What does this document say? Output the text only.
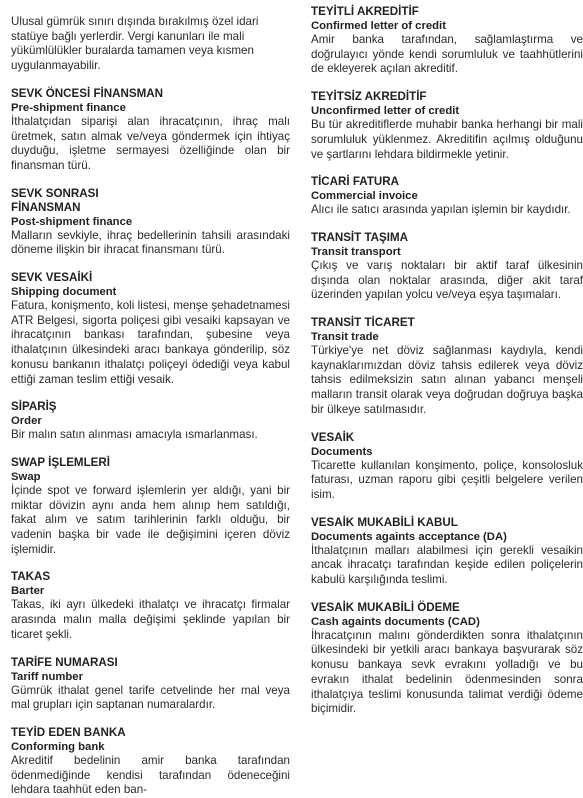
Ulusal gümrük sınırı dışında bırakılmış özel idari statüye bağlı yerlerdir. Vergi kanunları ile mali yükümlülükler buralarda tamamen veya kısmen uygulanmayabilir.
SEVK ÖNCESİ FİNANSMAN
Pre-shipment finance
İthalatçıdan siparişi alan ihracatçının, ihraç malı üretmek, satın almak ve/veya göndermek için ihtiyaç duyduğu, işletme sermayesi özelliğinde olan bir finansman türü.
SEVK SONRASI FİNANSMAN
Post-shipment finance
Malların sevkiyle, ihraç bedellerinin tahsili arasındaki döneme ilişkin bir ihracat finansmanı türü.
SEVK VESAİKİ
Shipping document
Fatura, konişmento, koli listesi, menşe şehadetnamesi ATR Belgesi, sigorta poliçesi gibi vesaiki kapsayan ve ihracatçının bankası tarafından, şubesine veya ithalatçının ülkesindeki aracı bankaya gönderilip, söz konusu bankanın ithalatçı poliçeyi ödediği veya kabul ettiği zaman teslim ettiği vesaik.
SİPARİŞ
Order
Bir malın satın alınması amacıyla ısmarlanması.
SWAP İŞLEMLERİ
Swap
İçinde spot ve forward işlemlerin yer aldığı, yani bir miktar dövizin aynı anda hem alınıp hem satıldığı, fakat alım ve satım tarihlerinin farklı olduğu, bir vadenin başka bir vade ile değişimini içeren döviz işlemidir.
TAKAS
Barter
Takas, iki ayrı ülkedeki ithalatçı ve ihracatçı firmalar arasında malın malla değişimi şeklinde yapılan bir ticaret şekli.
TARİFE NUMARASI
Tariff number
Gümrük ithalat genel tarife cetvelinde her mal veya mal grupları için saptanan numaralardır.
TEYİD EDEN BANKA
Conforming bank
Akreditif bedelinin amir banka tarafından ödenmediğinde kendisi tarafından ödeneceğini lehdara taahhüt eden ban-
TEYİTLİ AKREDİTİF
Confirmed letter of credit
Amir banka tarafından, sağlamlaştırma ve doğrulayıcı yönde kendi sorumluluk ve taahhütlerini de ekleyerek açılan akreditif.
TEYİTSİZ AKREDİTİF
Unconfirmed letter of credit
Bu tür akreditiflerde muhabir banka herhangi bir mali sorumluluk yüklenmez. Akreditifin açılmış olduğunu ve şartlarını lehdara bildirmekle yetinir.
TİCARİ FATURA
Commercial invoice
Alıcı ile satıcı arasında yapılan işlemin bir kaydıdır.
TRANSİT TAŞIMA
Transit transport
Çıkış ve varış noktaları bir aktif taraf ülkesinin dışında olan noktalar arasında, diğer akit taraf üzerinden yapılan yolcu ve/veya eşya taşımaları.
TRANSİT TİCARET
Transit trade
Türkiye'ye net döviz sağlanması kaydıyla, kendi kaynaklarımızdan döviz tahsis edilerek veya döviz tahsis edilmeksizin satın alınan yabancı menşeli malların transit olarak veya doğrudan doğruya başka bir ülkeye satılmasıdır.
VESAİK
Documents
Ticarette kullanılan konşimento, poliçe, konsolosluk faturası, uzman raporu gibi çeşitli belgelere verilen isim.
VESAİK MUKABİLİ KABUL
Documents againts acceptance (DA)
İthalatçının malları alabilmesi için gerekli vesaikin ancak ihracatçı tarafından keşide edilen poliçelerin kabulü karşılığında teslimi.
VESAİK MUKABİLİ ÖDEME
Cash againts documents (CAD)
İhracatçının malını gönderdikten sonra ithalatçının ülkesindeki bir yetkili aracı bankaya başvurarak söz konusu bankaya sevk evrakını yolladığı ve bu evrakın ithalat bedelinin ödenmesinden sonra ithalatçıya teslimi konusunda talimat verdiği ödeme biçimidir.
